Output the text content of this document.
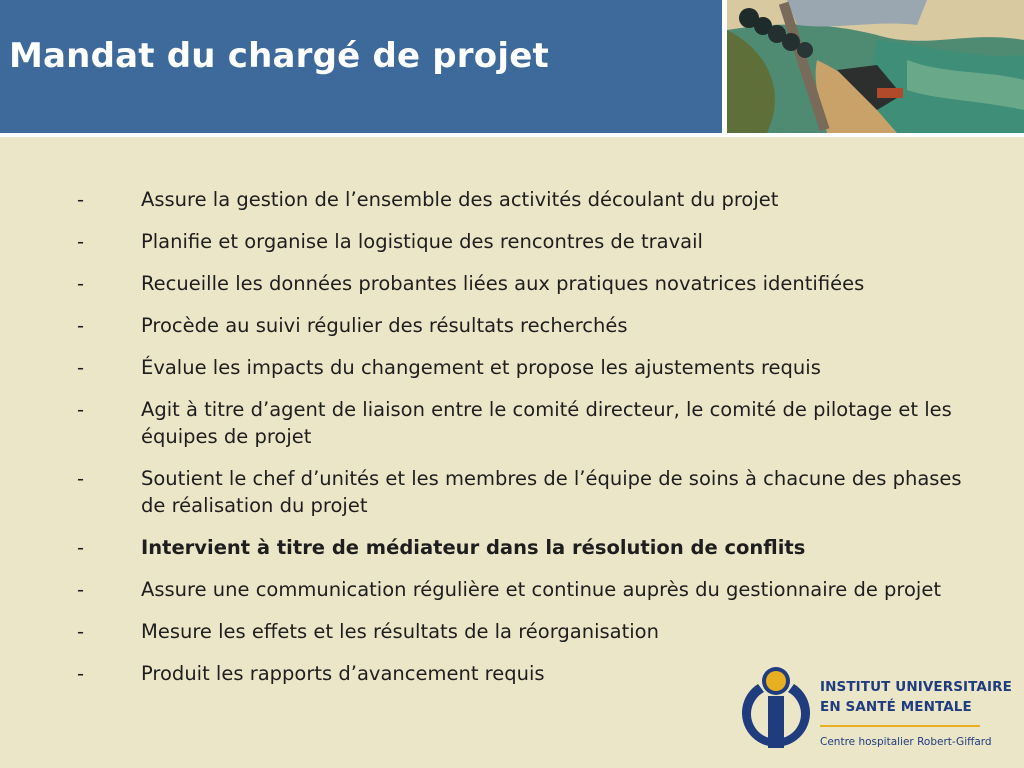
Mandat du chargé de projet
-	Assure la gestion de l’ensemble des activités découlant du projet
-	Planifie et organise la logistique des rencontres de travail
-	Recueille les données probantes liées aux pratiques novatrices identifiées
-	Procède au suivi régulier des résultats recherchés
-	Évalue les impacts du changement et propose les ajustements requis
-	Agit à titre d’agent de liaison entre le comité directeur, le comité de pilotage et les équipes de projet
-	Soutient le chef d’unités et les membres de l’équipe de soins à chacune des phases de réalisation du projet
-	Intervient à titre de médiateur dans la résolution de conflits
-	Assure une communication régulière et continue auprès du gestionnaire de projet
-	Mesure les effets et les résultats de la réorganisation
-	Produit les rapports d’avancement requis
INSTITUT UNIVERSITAIRE
EN SANTÉ MENTALE
Centre hospitalier Robert-Giffard
